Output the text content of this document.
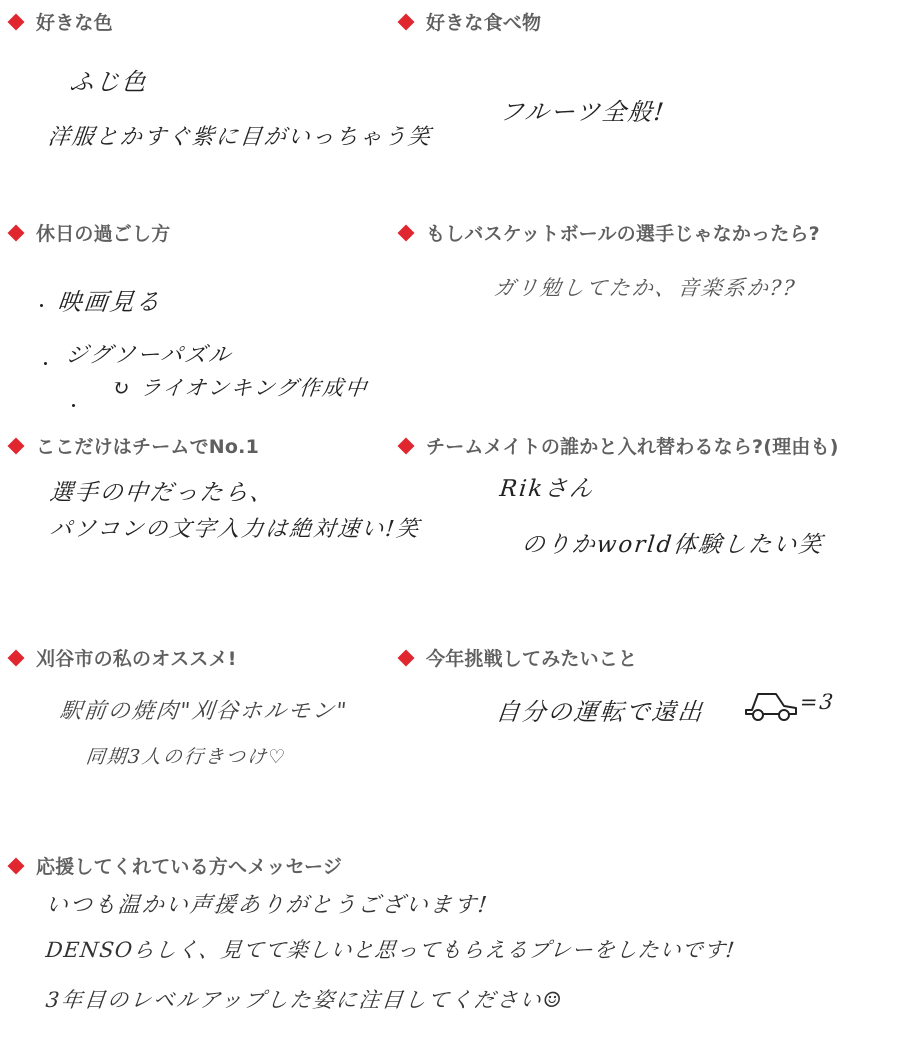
好きな色
ふじ色
洋服とかすぐ紫に目がいっちゃう笑
好きな食べ物
フルーツ全般!
休日の過ごし方
映画見る
ジグソーパズル
↻ ライオンキング作成中
もしバスケットボールの選手じゃなかったら?
ガリ勉してたか、音楽系か??
ここだけはチームでNo.1
選手の中だったら、
パソコンの文字入力は絶対速い!笑
チームメイトの誰かと入れ替わるなら?(理由も)
Rikさん
のりかworld体験したい笑
刈谷市の私のオススメ!
駅前の焼肉"刈谷ホルモン"
同期3人の行きつけ♡
今年挑戦してみたいこと
自分の運転で遠出	=3
応援してくれている方へメッセージ
いつも温かい声援ありがとうございます!
DENSOらしく、見てて楽しいと思ってもらえるプレーをしたいです!
3年目のレベルアップした姿に注目してください☺
